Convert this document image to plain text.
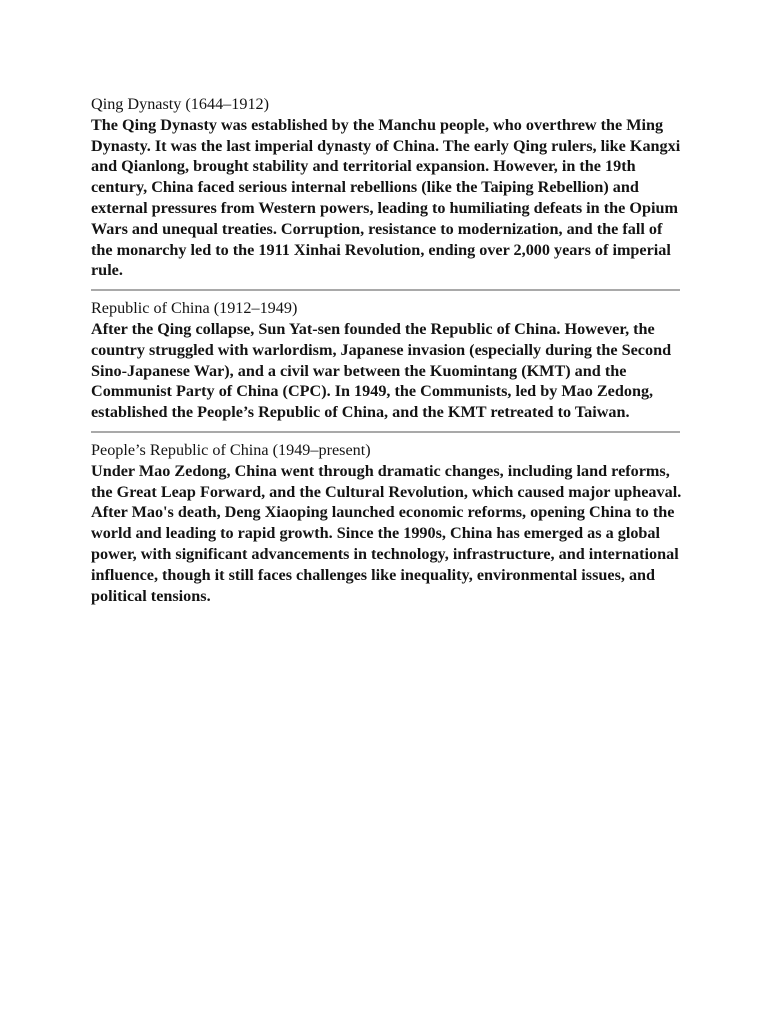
Qing Dynasty (1644–1912)

The Qing Dynasty was established by the Manchu people, who overthrew the Ming Dynasty. It was the last imperial dynasty of China. The early Qing rulers, like Kangxi and Qianlong, brought stability and territorial expansion. However, in the 19th century, China faced serious internal rebellions (like the Taiping Rebellion) and external pressures from Western powers, leading to humiliating defeats in the Opium Wars and unequal treaties. Corruption, resistance to modernization, and the fall of the monarchy led to the 1911 Xinhai Revolution, ending over 2,000 years of imperial rule.

Republic of China (1912–1949)

After the Qing collapse, Sun Yat-sen founded the Republic of China. However, the country struggled with warlordism, Japanese invasion (especially during the Second Sino-Japanese War), and a civil war between the Kuomintang (KMT) and the Communist Party of China (CPC). In 1949, the Communists, led by Mao Zedong, established the People’s Republic of China, and the KMT retreated to Taiwan.

People’s Republic of China (1949–present)

Under Mao Zedong, China went through dramatic changes, including land reforms, the Great Leap Forward, and the Cultural Revolution, which caused major upheaval. After Mao's death, Deng Xiaoping launched economic reforms, opening China to the world and leading to rapid growth. Since the 1990s, China has emerged as a global power, with significant advancements in technology, infrastructure, and international influence, though it still faces challenges like inequality, environmental issues, and political tensions.
